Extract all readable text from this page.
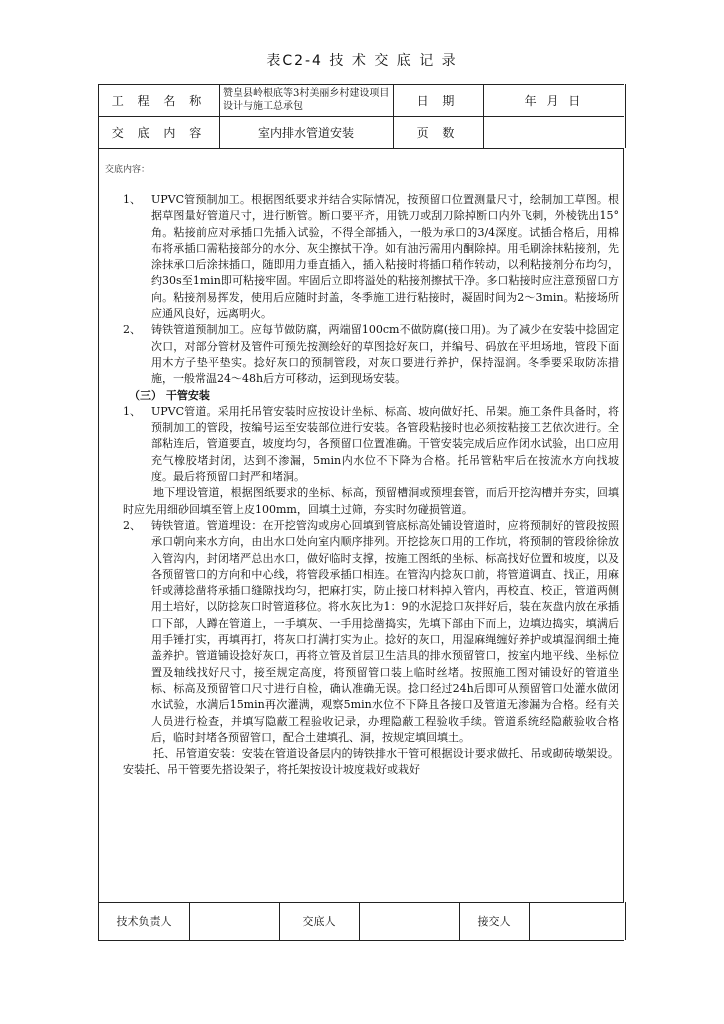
表C2-4 技 术 交 底 记 录
工 程 名 称	赞皇县岭根底等3村美丽乡村建设项目设计与施工总承包	日 期	年 月 日
交 底 内 容	室内排水管道安装	页 数
交底内容：
1、 UPVC管预制加工。根据图纸要求并结合实际情况，按预留口位置测量尺寸，绘制加工草图。根据草图量好管道尺寸，进行断管。断口要平齐，用铣刀或刮刀除掉断口内外飞刺，外棱铣出15°角。粘接前应对承插口先插入试验，不得全部插入，一般为承口的3/4深度。试插合格后，用棉布将承插口需粘接部分的水分、灰尘擦拭干净。如有油污需用内酮除掉。用毛刷涂抹粘接剂，先涂抹承口后涂抹插口，随即用力垂直插入，插入粘接时将插口稍作转动，以利粘接剂分布均匀，约30s至1min即可粘接牢固。牢固后立即将溢处的粘接剂擦拭干净。多口粘接时应注意预留口方向。粘接剂易挥发，使用后应随时封盖，冬季施工进行粘接时，凝固时间为2～3min。粘接场所应通风良好，远离明火。
2、 铸铁管道预制加工。应每节做防腐，两端留100cm不做防腐(接口用)。为了减少在安装中捻固定次口，对部分管材及管件可预先按测绘好的草图捻好灰口，并编号、码放在平坦场地，管段下面用木方子垫平垫实。捻好灰口的预制管段，对灰口要进行养护，保持湿润。冬季要采取防冻措施，一般常温24～48h后方可移动，运到现场安装。
（三） 干管安装
1、 UPVC管道。采用托吊管安装时应按设计坐标、标高、坡向做好托、吊架。施工条件具备时，将预制加工的管段，按编号运至安装部位进行安装。各管段粘接时也必须按粘接工艺依次进行。全部粘连后，管道要直，坡度均匀，各预留口位置准确。干管安装完成后应作闭水试验，出口应用充气橡胶堵封闭，达到不渗漏，5min内水位不下降为合格。托吊管粘牢后在按流水方向找坡度。最后将预留口封严和堵洞。
地下埋设管道，根据图纸要求的坐标、标高，预留槽洞或预埋套管，而后开挖沟槽并夯实，回填时应先用细砂回填至管上皮100mm，回填土过筛，夯实时勿碰损管道。
2、 铸铁管道。管道埋设：在开挖管沟或房心回填到管底标高处铺设管道时，应将预制好的管段按照承口朝向来水方向，由出水口处向室内顺序排列。开挖捻灰口用的工作坑，将预制的管段徐徐放入管沟内，封闭堵严总出水口，做好临时支撑，按施工图纸的坐标、标高找好位置和坡度，以及各预留管口的方向和中心线，将管段承插口相连。在管沟内捻灰口前，将管道调直、找正，用麻钎或薄捻凿将承插口缝隙找均匀，把麻打实，防止接口材料掉入管内，再校直、校正，管道两侧用土培好，以防捻灰口时管道移位。将水灰比为1：9的水泥捻口灰拌好后，装在灰盘内放在承插口下部，人蹲在管道上，一手填灰、一手用捻凿捣实，先填下部由下而上，边填边捣实，填满后用手锤打实，再填再打，将灰口打满打实为止。捻好的灰口，用湿麻绳缠好养护或填湿润细土掩盖养护。管道铺设捻好灰口，再将立管及首层卫生洁具的排水预留管口，按室内地平线、坐标位置及轴线找好尺寸，接至规定高度，将预留管口装上临时丝堵。按照施工图对铺设好的管道坐标、标高及预留管口尺寸进行自检，确认准确无误。捻口经过24h后即可从预留管口处灌水做闭水试验，水满后15min再次灌满，观察5min水位不下降且各接口及管道无渗漏为合格。经有关人员进行检查，并填写隐蔽工程验收记录，办理隐蔽工程验收手续。管道系统经隐蔽验收合格后，临时封堵各预留管口，配合土建填孔、洞，按规定填回填土。
托、吊管道安装：安装在管道设备层内的铸铁排水干管可根据设计要求做托、吊或砌砖墩架设。安装托、吊干管要先搭设架子，将托架按设计坡度栽好或栽好
技术负责人	交底人	接交人
